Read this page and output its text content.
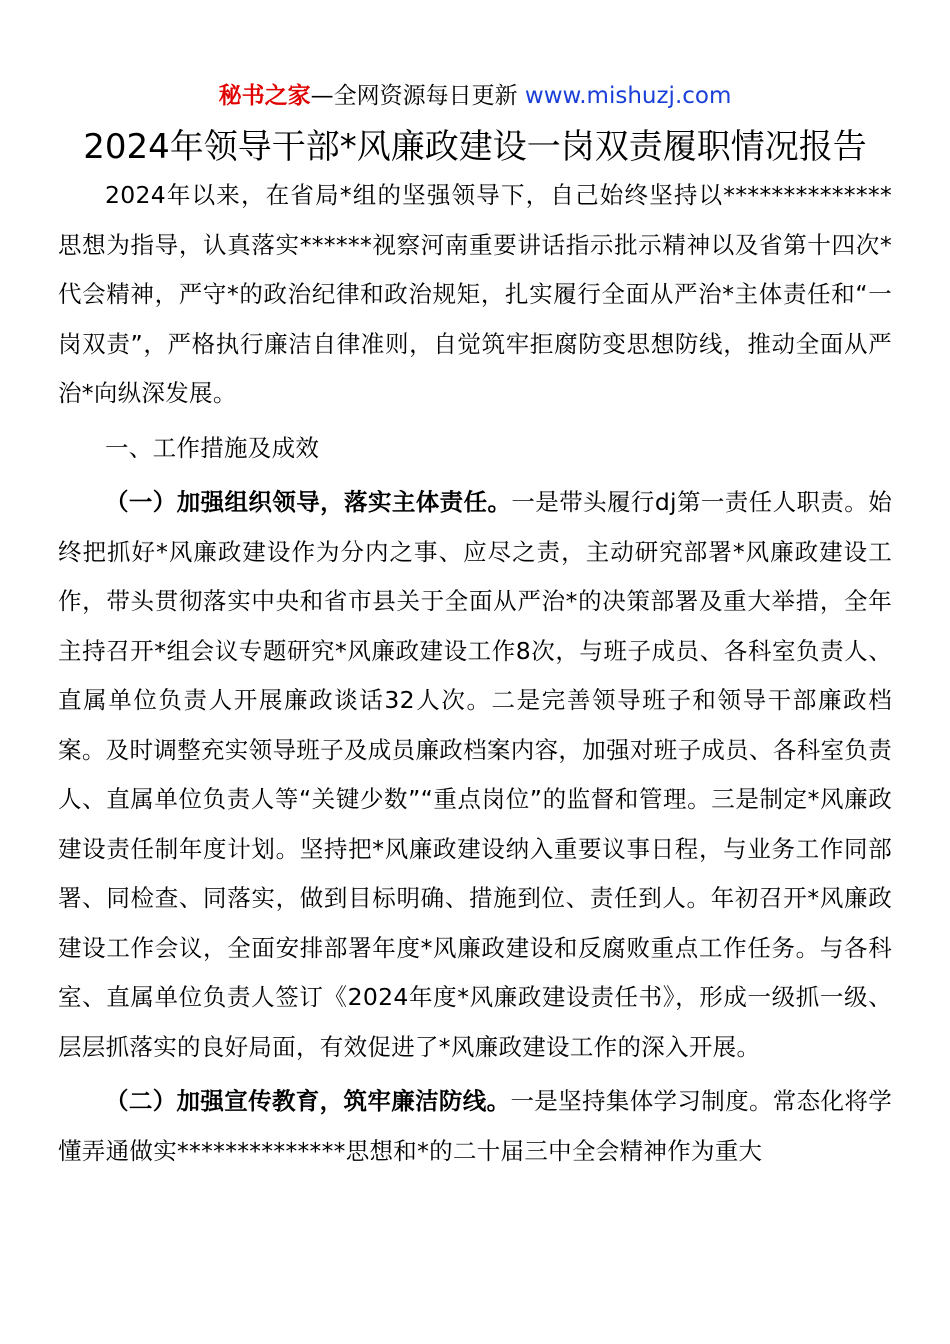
秘书之家—全网资源每日更新 www.mishuzj.com
2024年领导干部*风廉政建设一岗双责履职情况报告

2024年以来，在省局*组的坚强领导下，自己始终坚持以**************思想为指导，认真落实******视察河南重要讲话指示批示精神以及省第十四次*代会精神，严守*的政治纪律和政治规矩，扎实履行全面从严治*主体责任和“一岗双责”，严格执行廉洁自律准则，自觉筑牢拒腐防变思想防线，推动全面从严治*向纵深发展。

一、工作措施及成效

（一）加强组织领导，落实主体责任。一是带头履行dj第一责任人职责。始终把抓好*风廉政建设作为分内之事、应尽之责，主动研究部署*风廉政建设工作，带头贯彻落实中央和省市县关于全面从严治*的决策部署及重大举措，全年主持召开*组会议专题研究*风廉政建设工作8次，与班子成员、各科室负责人、直属单位负责人开展廉政谈话32人次。二是完善领导班子和领导干部廉政档案。及时调整充实领导班子及成员廉政档案内容，加强对班子成员、各科室负责人、直属单位负责人等“关键少数”“重点岗位”的监督和管理。三是制定*风廉政建设责任制年度计划。坚持把*风廉政建设纳入重要议事日程，与业务工作同部署、同检查、同落实，做到目标明确、措施到位、责任到人。年初召开*风廉政建设工作会议，全面安排部署年度*风廉政建设和反腐败重点工作任务。与各科室、直属单位负责人签订《2024年度*风廉政建设责任书》，形成一级抓一级、层层抓落实的良好局面，有效促进了*风廉政建设工作的深入开展。

（二）加强宣传教育，筑牢廉洁防线。一是坚持集体学习制度。常态化将学懂弄通做实**************思想和*的二十届三中全会精神作为重大
